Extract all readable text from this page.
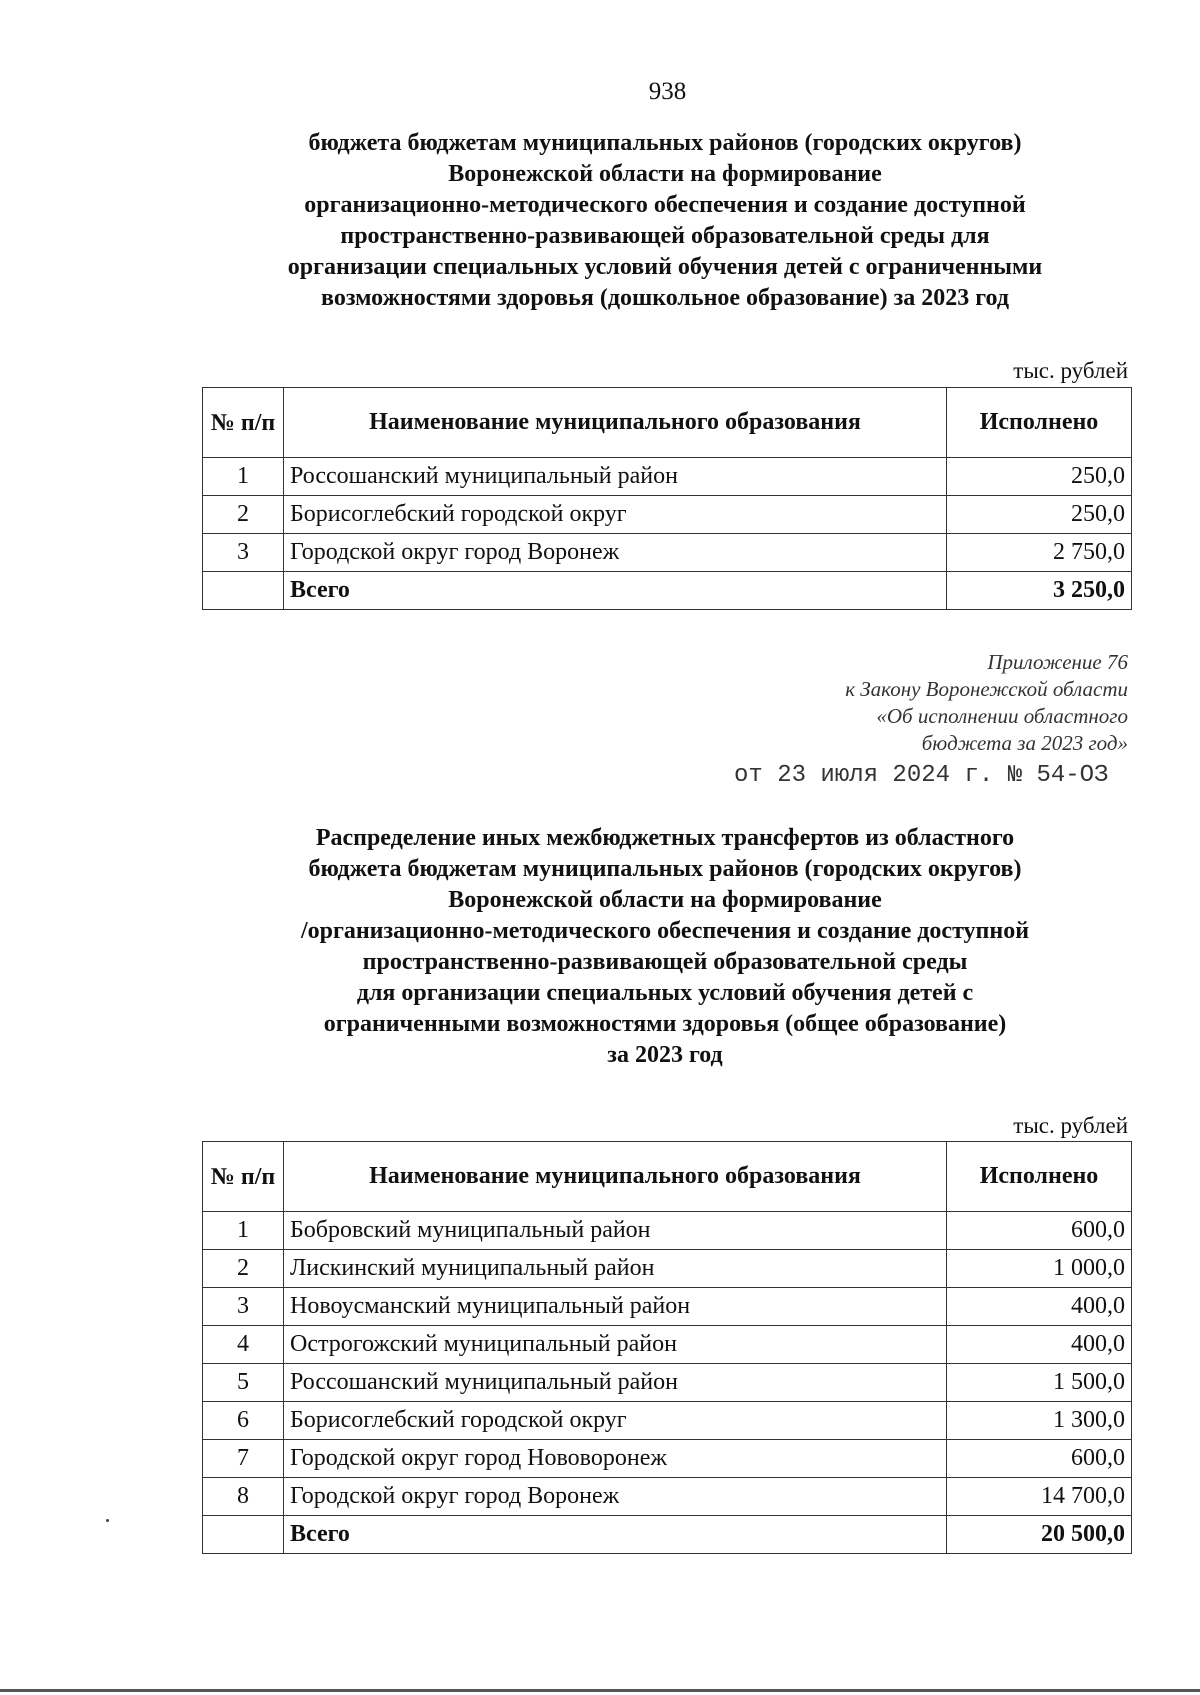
938
бюджета бюджетам муниципальных районов (городских округов)
Воронежской области на формирование
организационно-методического обеспечения и создание доступной
пространственно-развивающей образовательной среды для
организации специальных условий обучения детей с ограниченными
возможностями здоровья (дошкольное образование) за 2023 год
тыс. рублей
№ п/п	Наименование муниципального образования	Исполнено
1	Россошанский муниципальный район	250,0
2	Борисоглебский городской округ	250,0
3	Городской округ город Воронеж	2 750,0
	Всего	3 250,0
Приложение 76
к Закону Воронежской области
«Об исполнении областного
бюджета за 2023 год»
от 23 июля 2024 г. № 54-ОЗ
Распределение иных межбюджетных трансфертов из областного
бюджета бюджетам муниципальных районов (городских округов)
Воронежской области на формирование
/организационно-методического обеспечения и создание доступной
пространственно-развивающей образовательной среды
для организации специальных условий обучения детей с
ограниченными возможностями здоровья (общее образование)
за 2023 год
тыс. рублей
№ п/п	Наименование муниципального образования	Исполнено
1	Бобровский муниципальный район	600,0
2	Лискинский муниципальный район	1 000,0
3	Новоусманский муниципальный район	400,0
4	Острогожский муниципальный район	400,0
5	Россошанский муниципальный район	1 500,0
6	Борисоглебский городской округ	1 300,0
7	Городской округ город Нововоронеж	600,0
8	Городской округ город Воронеж	14 700,0
	Всего	20 500,0
